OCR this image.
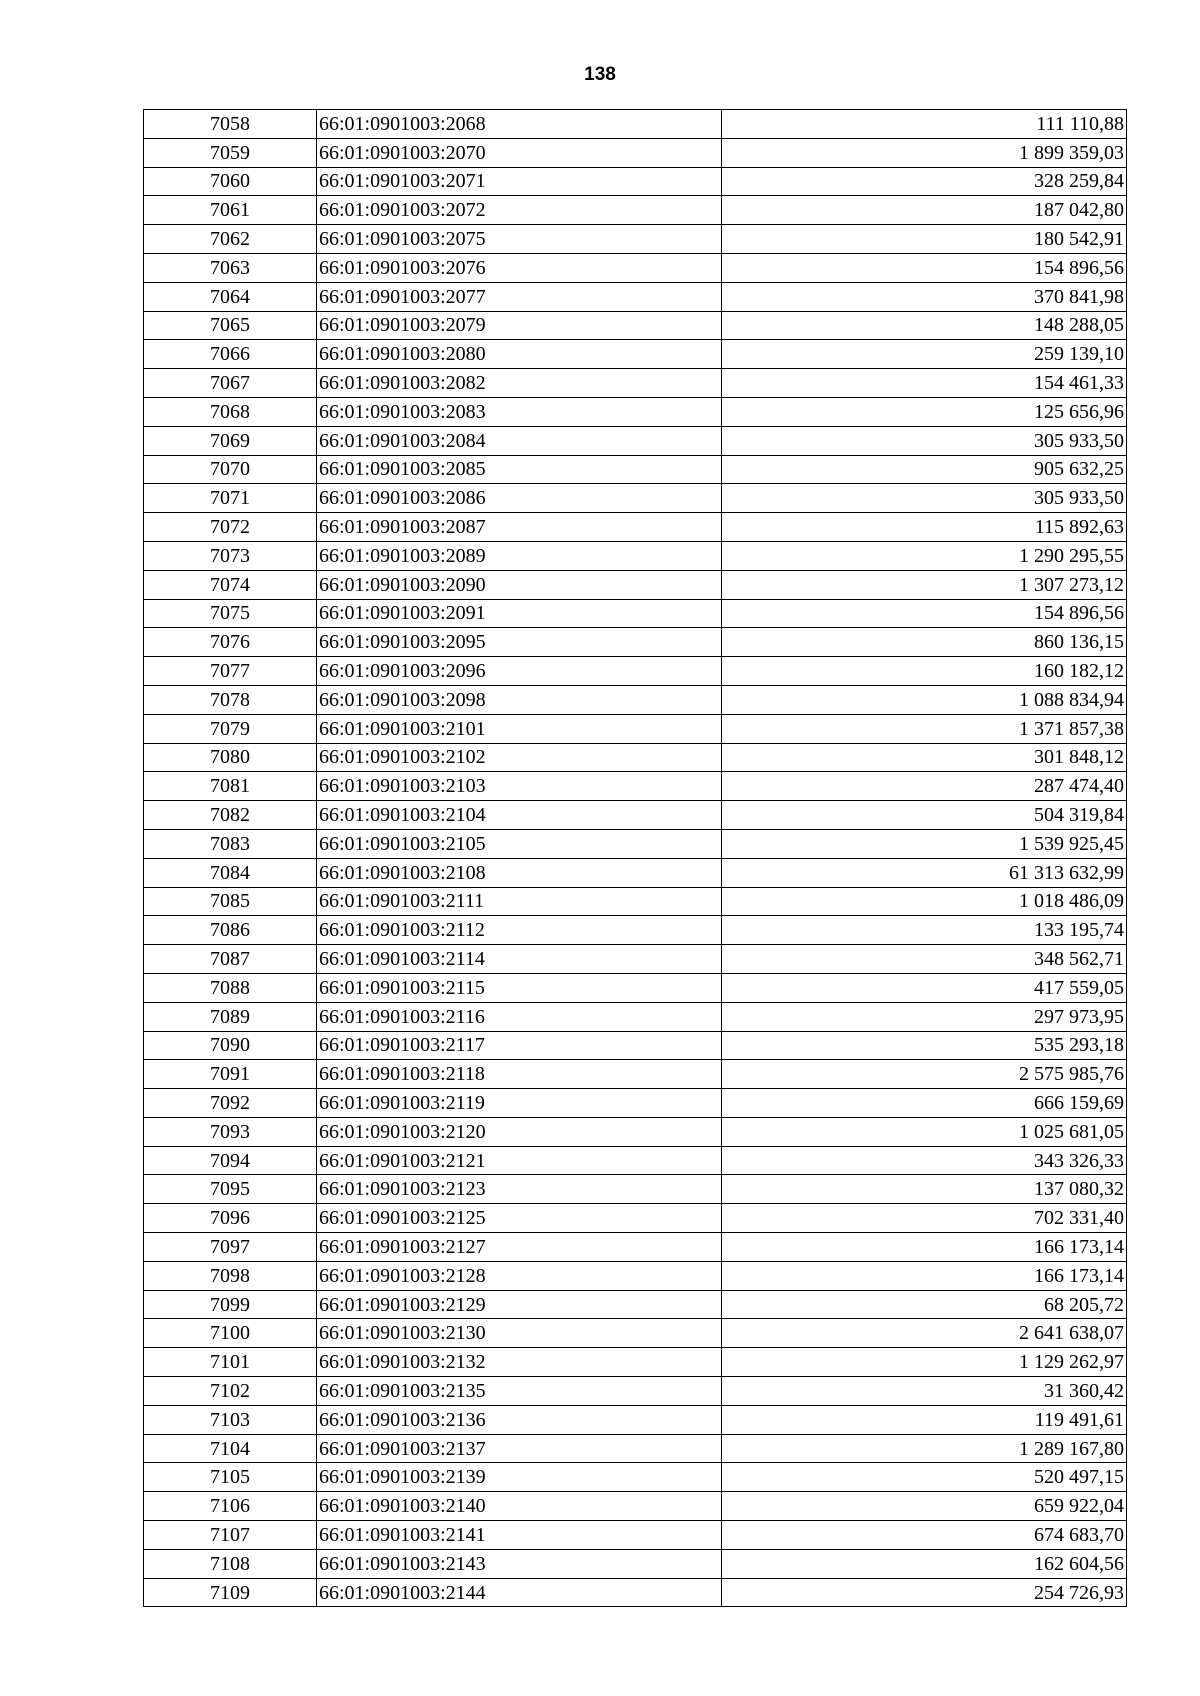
138
7058	66:01:0901003:2068	111 110,88
7059	66:01:0901003:2070	1 899 359,03
7060	66:01:0901003:2071	328 259,84
7061	66:01:0901003:2072	187 042,80
7062	66:01:0901003:2075	180 542,91
7063	66:01:0901003:2076	154 896,56
7064	66:01:0901003:2077	370 841,98
7065	66:01:0901003:2079	148 288,05
7066	66:01:0901003:2080	259 139,10
7067	66:01:0901003:2082	154 461,33
7068	66:01:0901003:2083	125 656,96
7069	66:01:0901003:2084	305 933,50
7070	66:01:0901003:2085	905 632,25
7071	66:01:0901003:2086	305 933,50
7072	66:01:0901003:2087	115 892,63
7073	66:01:0901003:2089	1 290 295,55
7074	66:01:0901003:2090	1 307 273,12
7075	66:01:0901003:2091	154 896,56
7076	66:01:0901003:2095	860 136,15
7077	66:01:0901003:2096	160 182,12
7078	66:01:0901003:2098	1 088 834,94
7079	66:01:0901003:2101	1 371 857,38
7080	66:01:0901003:2102	301 848,12
7081	66:01:0901003:2103	287 474,40
7082	66:01:0901003:2104	504 319,84
7083	66:01:0901003:2105	1 539 925,45
7084	66:01:0901003:2108	61 313 632,99
7085	66:01:0901003:2111	1 018 486,09
7086	66:01:0901003:2112	133 195,74
7087	66:01:0901003:2114	348 562,71
7088	66:01:0901003:2115	417 559,05
7089	66:01:0901003:2116	297 973,95
7090	66:01:0901003:2117	535 293,18
7091	66:01:0901003:2118	2 575 985,76
7092	66:01:0901003:2119	666 159,69
7093	66:01:0901003:2120	1 025 681,05
7094	66:01:0901003:2121	343 326,33
7095	66:01:0901003:2123	137 080,32
7096	66:01:0901003:2125	702 331,40
7097	66:01:0901003:2127	166 173,14
7098	66:01:0901003:2128	166 173,14
7099	66:01:0901003:2129	68 205,72
7100	66:01:0901003:2130	2 641 638,07
7101	66:01:0901003:2132	1 129 262,97
7102	66:01:0901003:2135	31 360,42
7103	66:01:0901003:2136	119 491,61
7104	66:01:0901003:2137	1 289 167,80
7105	66:01:0901003:2139	520 497,15
7106	66:01:0901003:2140	659 922,04
7107	66:01:0901003:2141	674 683,70
7108	66:01:0901003:2143	162 604,56
7109	66:01:0901003:2144	254 726,93
